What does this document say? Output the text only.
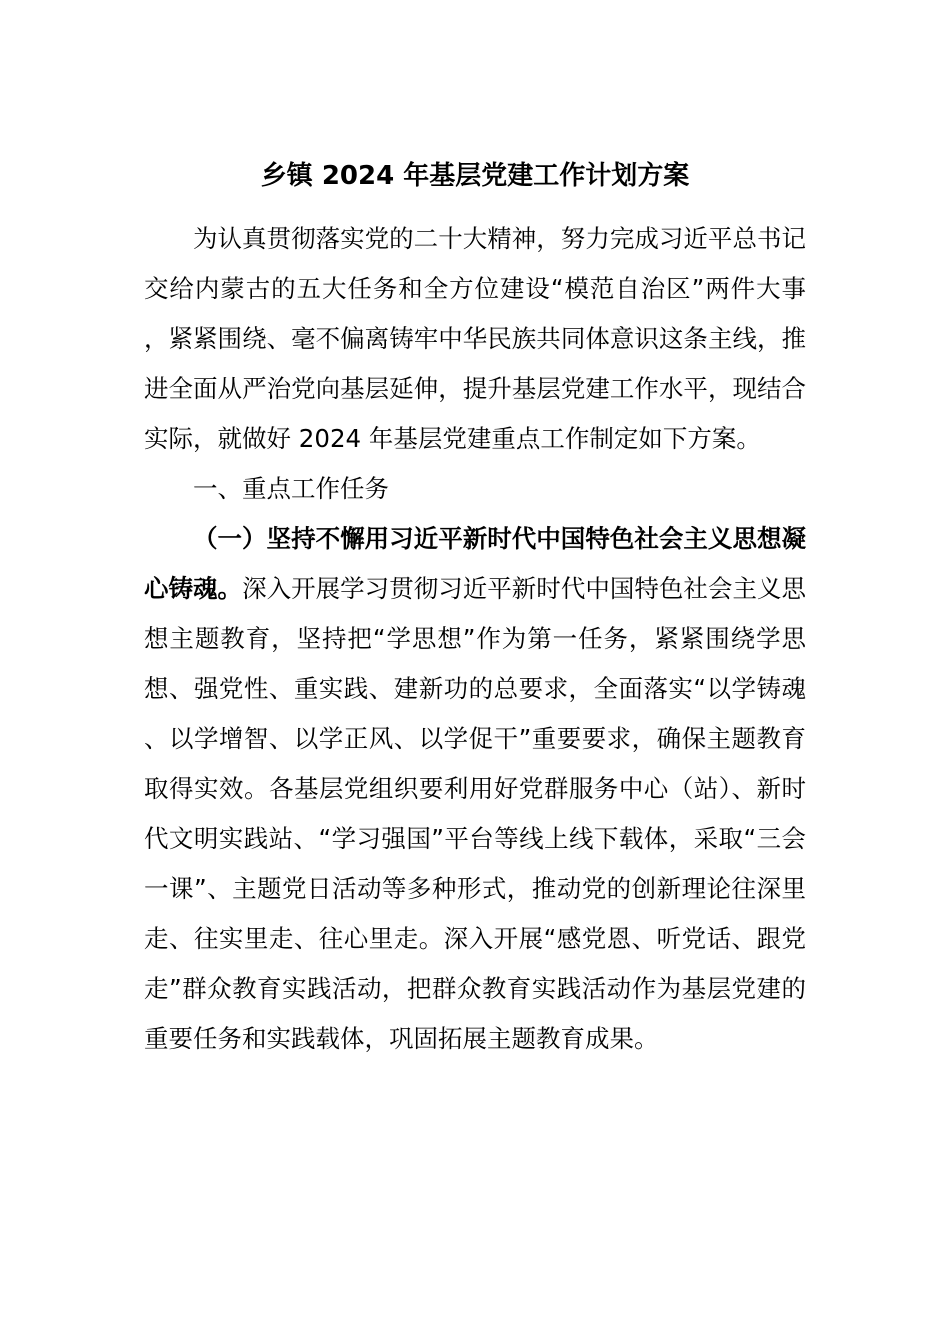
乡镇 2024 年基层党建工作计划方案

为认真贯彻落实党的二十大精神，努力完成习近平总书记交给内蒙古的五大任务和全方位建设“模范自治区”两件大事，紧紧围绕、毫不偏离铸牢中华民族共同体意识这条主线，推进全面从严治党向基层延伸，提升基层党建工作水平，现结合实际，就做好 2024 年基层党建重点工作制定如下方案。

一、重点工作任务

（一）坚持不懈用习近平新时代中国特色社会主义思想凝心铸魂。深入开展学习贯彻习近平新时代中国特色社会主义思想主题教育，坚持把“学思想”作为第一任务，紧紧围绕学思想、强党性、重实践、建新功的总要求，全面落实“以学铸魂、以学增智、以学正风、以学促干”重要要求，确保主题教育取得实效。各基层党组织要利用好党群服务中心（站）、新时代文明实践站、“学习强国”平台等线上线下载体，采取“三会一课”、主题党日活动等多种形式，推动党的创新理论往深里走、往实里走、往心里走。深入开展“感党恩、听党话、跟党走”群众教育实践活动，把群众教育实践活动作为基层党建的重要任务和实践载体，巩固拓展主题教育成果。
